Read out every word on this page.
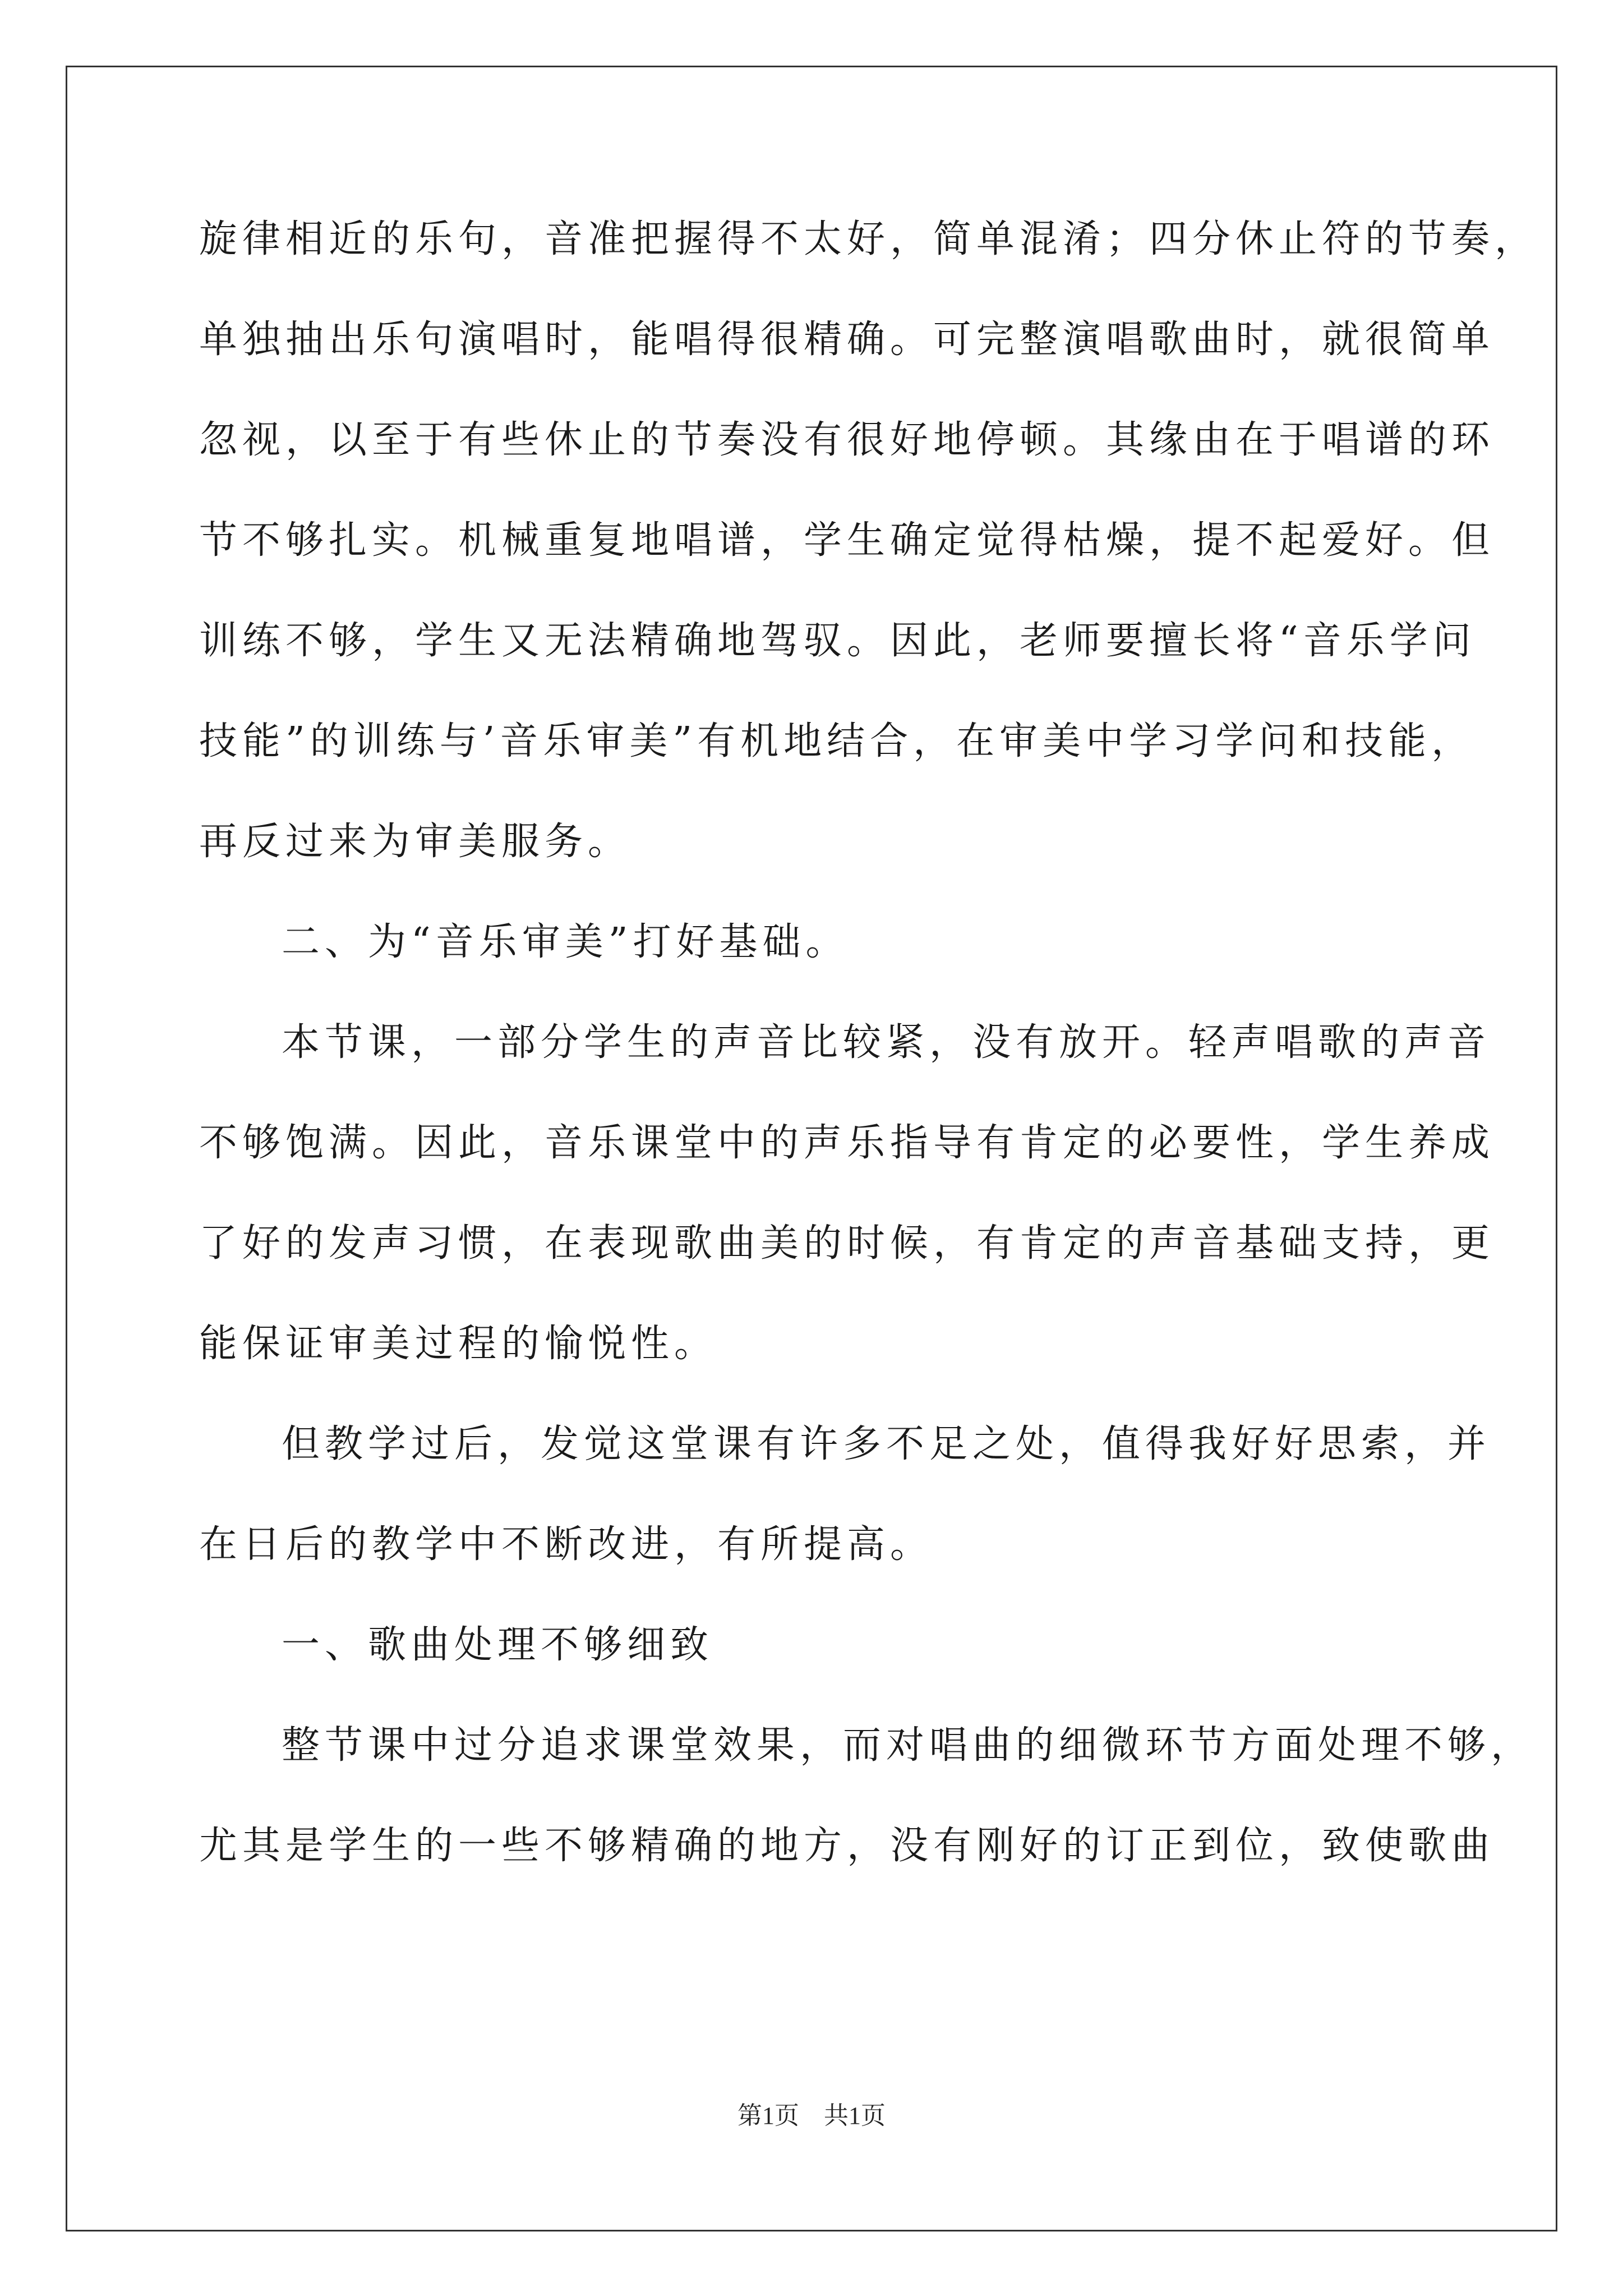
旋律相近的乐句，音准把握得不太好，简单混淆；四分休止符的节奏，
单独抽出乐句演唱时，能唱得很精确。可完整演唱歌曲时，就很简单
忽视，以至于有些休止的节奏没有很好地停顿。其缘由在于唱谱的环
节不够扎实。机械重复地唱谱，学生确定觉得枯燥，提不起爱好。但
训练不够，学生又无法精确地驾驭。因此，老师要擅长将“音乐学问
技能”的训练与’音乐审美”有机地结合，在审美中学习学问和技能，
再反过来为审美服务。
二、为“音乐审美”打好基础。
本节课，一部分学生的声音比较紧，没有放开。轻声唱歌的声音
不够饱满。因此，音乐课堂中的声乐指导有肯定的必要性，学生养成
了好的发声习惯，在表现歌曲美的时候，有肯定的声音基础支持，更
能保证审美过程的愉悦性。
但教学过后，发觉这堂课有许多不足之处，值得我好好思索，并
在日后的教学中不断改进，有所提高。
一、歌曲处理不够细致
整节课中过分追求课堂效果，而对唱曲的细微环节方面处理不够，
尤其是学生的一些不够精确的地方，没有刚好的订正到位，致使歌曲
第1页　共1页
